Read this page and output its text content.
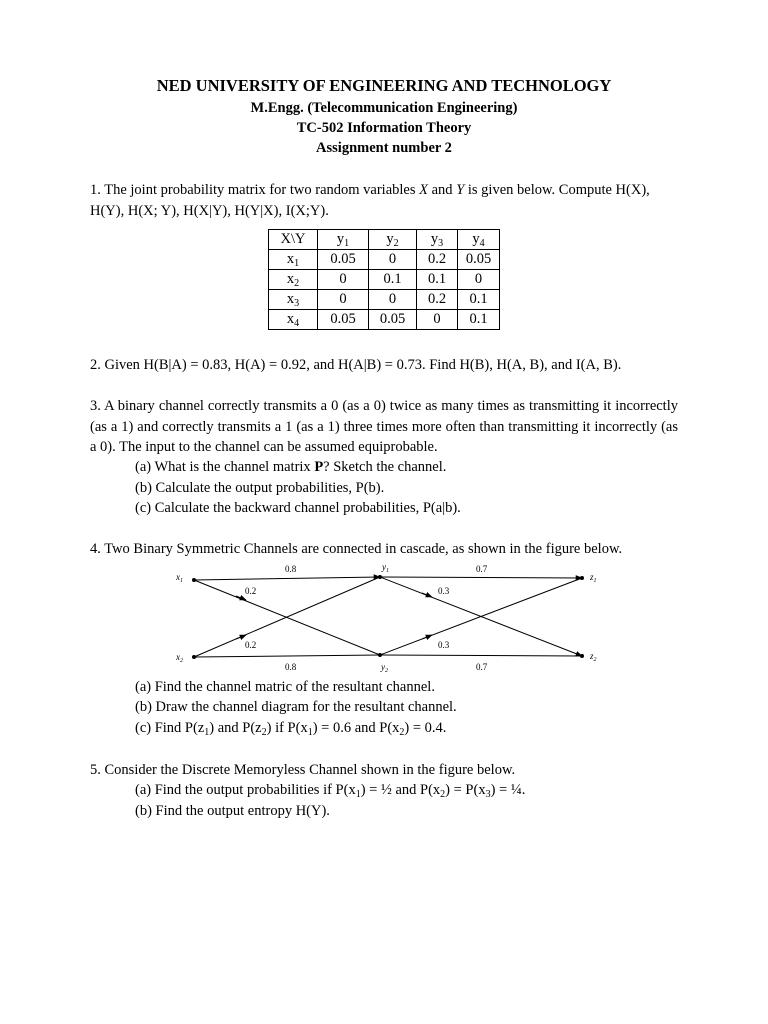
NED UNIVERSITY OF ENGINEERING AND TECHNOLOGY
M.Engg. (Telecommunication Engineering)
TC-502 Information Theory
Assignment number 2
1. The joint probability matrix for two random variables X and Y is given below. Compute H(X), H(Y), H(X; Y), H(X|Y), H(Y|X), I(X;Y).
X\Y	$y_1$	$y_2$	$y_3$	$y_4$
$x_1$	0.05	0	0.2	0.05
$x_2$	0	0.1	0.1	0
$x_3$	0	0	0.2	0.1
$x_4$	0.05	0.05	0	0.1
2. Given H(B|A) = 0.83, H(A) = 0.92, and H(A|B) = 0.73. Find H(B), H(A, B), and I(A, B).
3. A binary channel correctly transmits a 0 (as a 0) twice as many times as transmitting it incorrectly (as a 1) and correctly transmits a 1 (as a 1) three times more often than transmitting it incorrectly (as a 0). The input to the channel can be assumed equiprobable.
(a) What is the channel matrix P? Sketch the channel.
(b) Calculate the output probabilities, P(b).
(c) Calculate the backward channel probabilities, P(a|b).
4. Two Binary Symmetric Channels are connected in cascade, as shown in the figure below.
$x_1$
$x_2$
$y_1$
$y_2$
$z_1$
$z_2$
0.8
0.2
0.2
0.8
0.7
0.3
0.3
0.7
(a) Find the channel matric of the resultant channel.
(b) Draw the channel diagram for the resultant channel.
(c) Find $P(z_1)$ and $P(z_2)$ if $P(x_1) = 0.6$ and $P(x_2) = 0.4$.
5. Consider the Discrete Memoryless Channel shown in the figure below.
(a) Find the output probabilities if $P(x_1)$ = ½ and $P(x_2) = P(x_3)$ = ¼.
(b) Find the output entropy H(Y).
